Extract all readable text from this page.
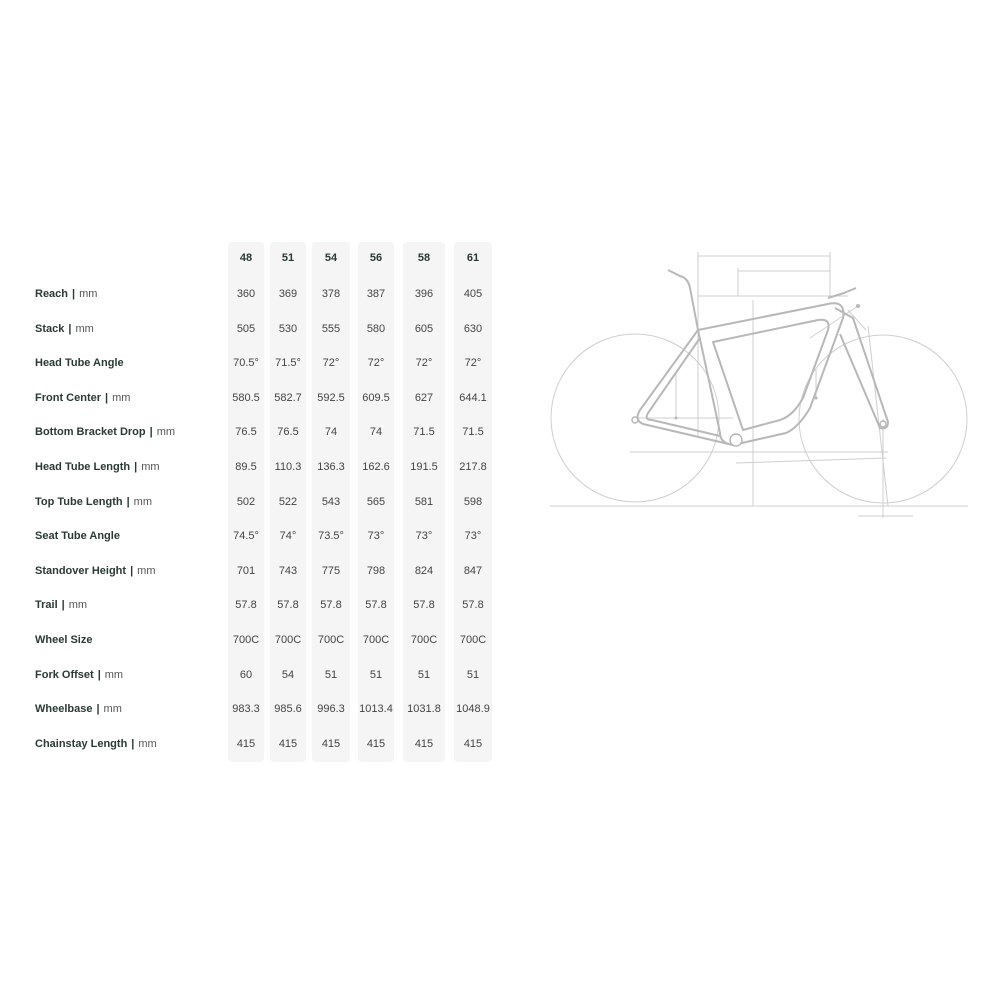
48	51	54	56	58	61
Reach | mm	360	369	378	387	396	405
Stack | mm	505	530	555	580	605	630
Head Tube Angle	70.5°	71.5°	72°	72°	72°	72°
Front Center | mm	580.5	582.7	592.5	609.5	627	644.1
Bottom Bracket Drop | mm	76.5	76.5	74	74	71.5	71.5
Head Tube Length | mm	89.5	110.3	136.3	162.6	191.5	217.8
Top Tube Length | mm	502	522	543	565	581	598
Seat Tube Angle	74.5°	74°	73.5°	73°	73°	73°
Standover Height | mm	701	743	775	798	824	847
Trail | mm	57.8	57.8	57.8	57.8	57.8	57.8
Wheel Size	700C	700C	700C	700C	700C	700C
Fork Offset | mm	60	54	51	51	51	51
Wheelbase | mm	983.3	985.6	996.3	1013.4	1031.8	1048.9
Chainstay Length | mm	415	415	415	415	415	415
